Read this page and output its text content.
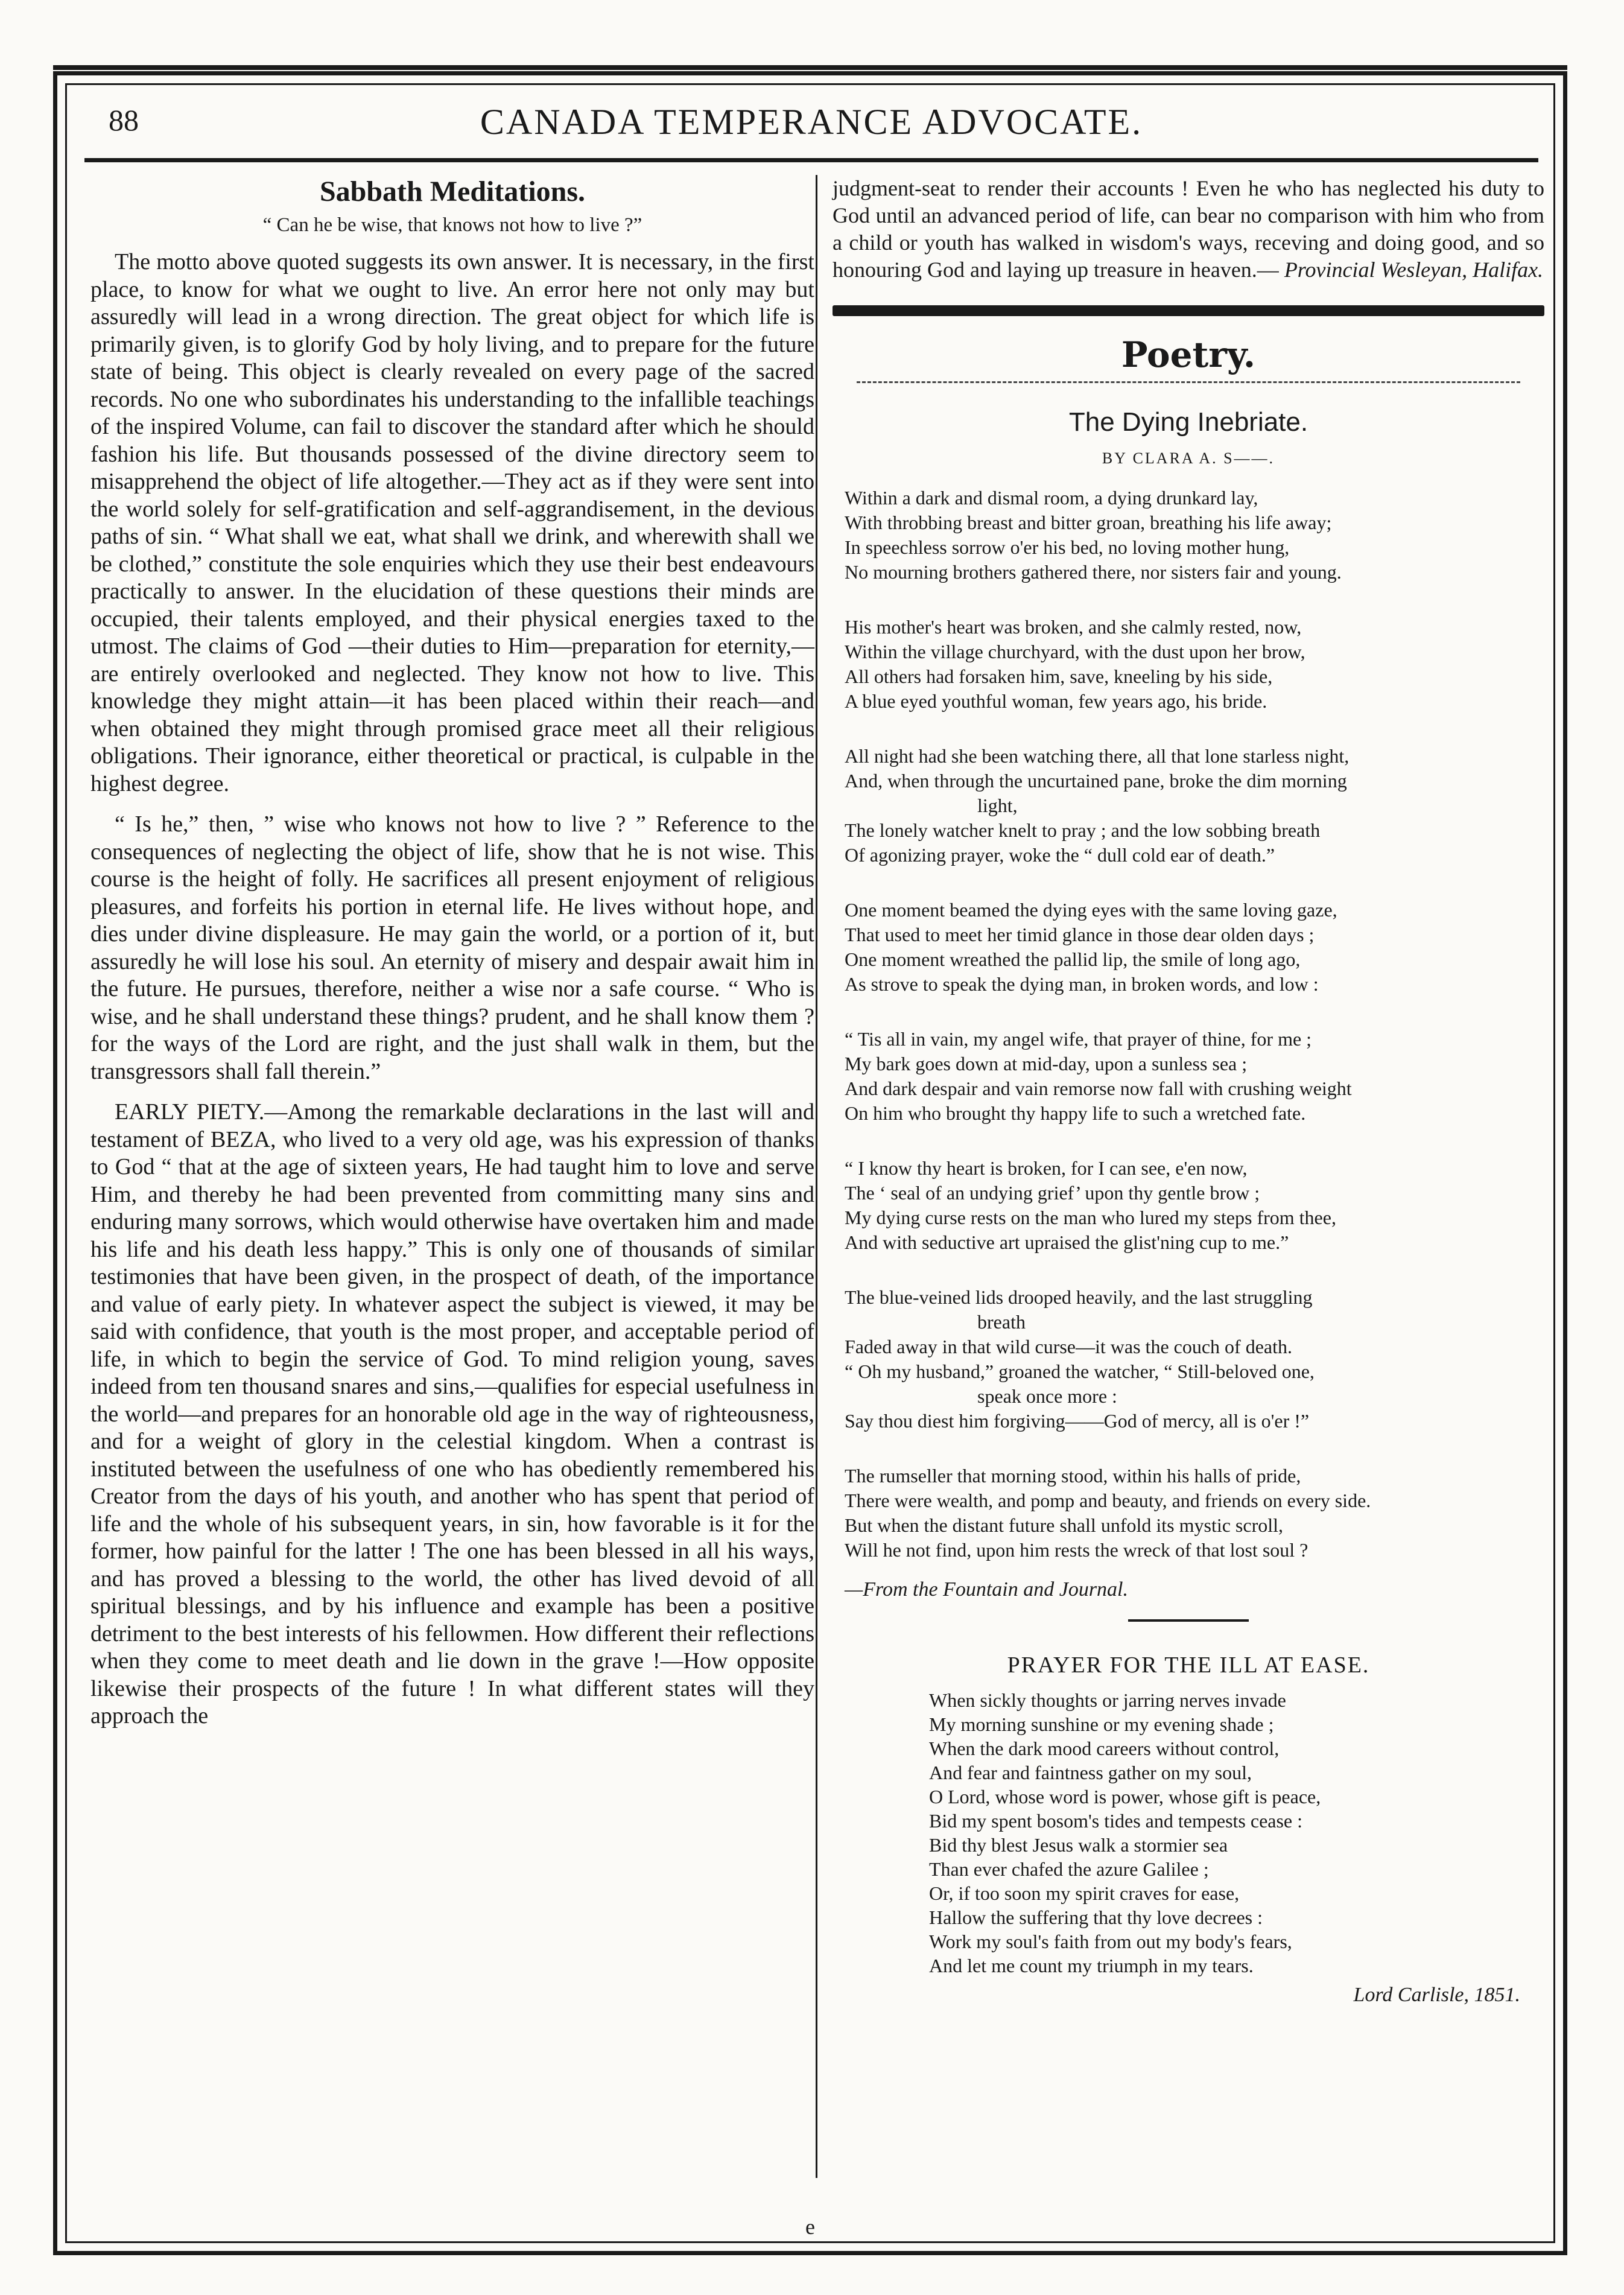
88	CANADA TEMPERANCE ADVOCATE.
Sabbath Meditations.
“ Can he be wise, that knows not how to live ?”

The motto above quoted suggests its own answer. It is necessary, in the first place, to know for what we ought to live. An error here not only may but assuredly will lead in a wrong direction. The great object for which life is primarily given, is to glorify God by holy living, and to prepare for the future state of being. This object is clearly revealed on every page of the sacred records. No one who subordinates his understanding to the infallible teachings of the inspired Volume, can fail to discover the standard after which he should fashion his life. But thousands possessed of the divine directory seem to misapprehend the object of life altogether.—They act as if they were sent into the world solely for self-gratification and self-aggrandisement, in the devious paths of sin. “ What shall we eat, what shall we drink, and wherewith shall we be clothed,” constitute the sole enquiries which they use their best endeavours practically to answer. In the elucidation of these questions their minds are occupied, their talents employed, and their physical energies taxed to the utmost. The claims of God —their duties to Him—preparation for eternity,—are entirely overlooked and neglected. They know not how to live. This knowledge they might attain—it has been placed within their reach—and when obtained they might through promised grace meet all their religious obligations. Their ignorance, either theoretical or practical, is culpable in the highest degree.

“ Is he,” then, ” wise who knows not how to live ? ” Reference to the consequences of neglecting the object of life, show that he is not wise. This course is the height of folly. He sacrifices all present enjoyment of religious pleasures, and forfeits his portion in eternal life. He lives without hope, and dies under divine displeasure. He may gain the world, or a portion of it, but assuredly he will lose his soul. An eternity of misery and despair await him in the future. He pursues, therefore, neither a wise nor a safe course. “ Who is wise, and he shall understand these things? prudent, and he shall know them ? for the ways of the Lord are right, and the just shall walk in them, but the transgressors shall fall therein.”

EARLY PIETY.—Among the remarkable declarations in the last will and testament of BEZA, who lived to a very old age, was his expression of thanks to God “ that at the age of sixteen years, He had taught him to love and serve Him, and thereby he had been prevented from committing many sins and enduring many sorrows, which would otherwise have overtaken him and made his life and his death less happy.” This is only one of thousands of similar testimonies that have been given, in the prospect of death, of the importance and value of early piety. In whatever aspect the subject is viewed, it may be said with confidence, that youth is the most proper, and acceptable period of life, in which to begin the service of God. To mind religion young, saves indeed from ten thousand snares and sins,—qualifies for especial usefulness in the world—and prepares for an honorable old age in the way of righteousness, and for a weight of glory in the celestial kingdom. When a contrast is instituted between the usefulness of one who has obediently remembered his Creator from the days of his youth, and another who has spent that period of life and the whole of his subsequent years, in sin, how favorable is it for the former, how painful for the latter ! The one has been blessed in all his ways, and has proved a blessing to the world, the other has lived devoid of all spiritual blessings, and by his influence and example has been a positive detriment to the best interests of his fellowmen. How different their reflections when they come to meet death and lie down in the grave !—How opposite likewise their prospects of the future ! In what different states will they approach the

judgment-seat to render their accounts ! Even he who has neglected his duty to God until an advanced period of life, can bear no comparison with him who from a child or youth has walked in wisdom's ways, receving and doing good, and so honouring God and laying up treasure in heaven.— Provincial Wesleyan, Halifax.

Poetry.
The Dying Inebriate.
BY CLARA A. S——.
Within a dark and dismal room, a dying drunkard lay,
With throbbing breast and bitter groan, breathing his life away;
In speechless sorrow o'er his bed, no loving mother hung,
No mourning brothers gathered there, nor sisters fair and young.
His mother's heart was broken, and she calmly rested, now,
Within the village churchyard, with the dust upon her brow,
All others had forsaken him, save, kneeling by his side,
A blue eyed youthful woman, few years ago, his bride.
All night had she been watching there, all that lone starless night,
And, when through the uncurtained pane, broke the dim morning
light,
The lonely watcher knelt to pray ; and the low sobbing breath
Of agonizing prayer, woke the “ dull cold ear of death.”
One moment beamed the dying eyes with the same loving gaze,
That used to meet her timid glance in those dear olden days ;
One moment wreathed the pallid lip, the smile of long ago,
As strove to speak the dying man, in broken words, and low :
“ Tis all in vain, my angel wife, that prayer of thine, for me ;
My bark goes down at mid-day, upon a sunless sea ;
And dark despair and vain remorse now fall with crushing weight
On him who brought thy happy life to such a wretched fate.
“ I know thy heart is broken, for I can see, e'en now,
The ‘ seal of an undying grief’ upon thy gentle brow ;
My dying curse rests on the man who lured my steps from thee,
And with seductive art upraised the glist'ning cup to me.”
The blue-veined lids drooped heavily, and the last struggling
breath
Faded away in that wild curse—it was the couch of death.
“ Oh my husband,” groaned the watcher, “ Still-beloved one,
speak once more :
Say thou diest him forgiving——God of mercy, all is o'er !”
The rumseller that morning stood, within his halls of pride,
There were wealth, and pomp and beauty, and friends on every side.
But when the distant future shall unfold its mystic scroll,
Will he not find, upon him rests the wreck of that lost soul ?
—From the Fountain and Journal.
PRAYER FOR THE ILL AT EASE.
When sickly thoughts or jarring nerves invade
My morning sunshine or my evening shade ;
When the dark mood careers without control,
And fear and faintness gather on my soul,
O Lord, whose word is power, whose gift is peace,
Bid my spent bosom's tides and tempests cease :
Bid thy blest Jesus walk a stormier sea
Than ever chafed the azure Galilee ;
Or, if too soon my spirit craves for ease,
Hallow the suffering that thy love decrees :
Work my soul's faith from out my body's fears,
And let me count my triumph in my tears.
Lord Carlisle, 1851.
e
